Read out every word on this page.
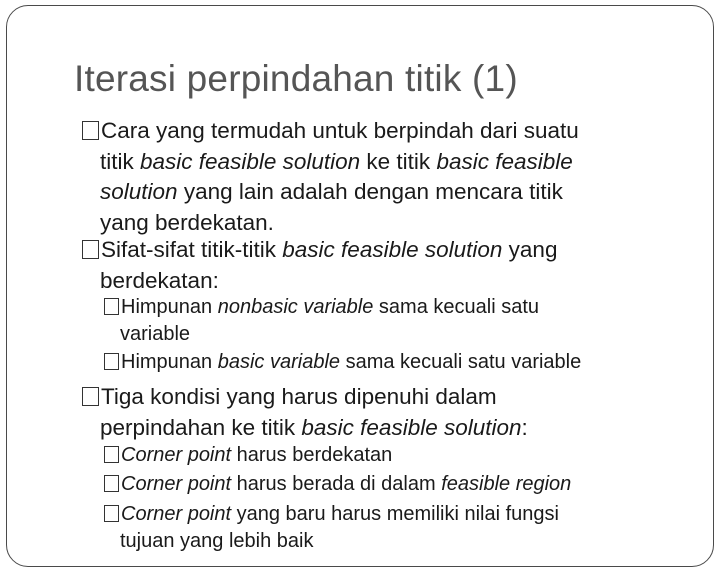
Iterasi perpindahan titik (1)
Cara yang termudah untuk berpindah dari suatu
titik basic feasible solution ke titik basic feasible
solution yang lain adalah dengan mencara titik
yang berdekatan.
Sifat-sifat titik-titik basic feasible solution yang
berdekatan:
Himpunan nonbasic variable sama kecuali satu
variable
Himpunan basic variable sama kecuali satu variable
Tiga kondisi yang harus dipenuhi dalam
perpindahan ke titik basic feasible solution:
Corner point harus berdekatan
Corner point harus berada di dalam feasible region
Corner point yang baru harus memiliki nilai fungsi
tujuan yang lebih baik
